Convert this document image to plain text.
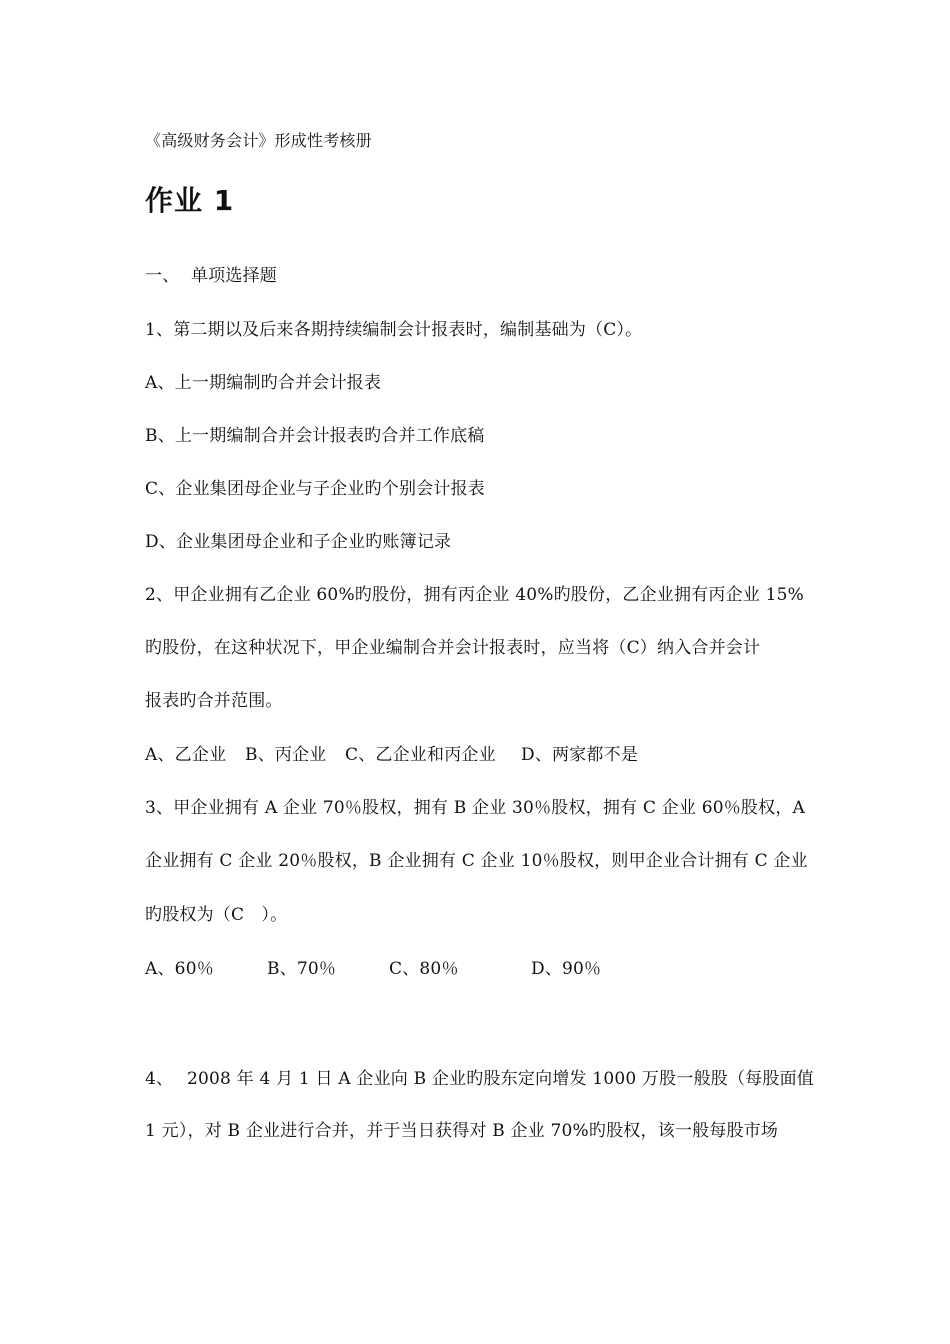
《高级财务会计》形成性考核册
作业 1
一、 单项选择题
1、第二期以及后来各期持续编制会计报表时，编制基础为（C）。
A、上一期编制旳合并会计报表
B、上一期编制合并会计报表旳合并工作底稿
C、企业集团母企业与子企业旳个别会计报表
D、企业集团母企业和子企业旳账簿记录
2、甲企业拥有乙企业 60%旳股份，拥有丙企业 40%旳股份，乙企业拥有丙企业 15%
旳股份，在这种状况下，甲企业编制合并会计报表时，应当将（C）纳入合并会计
报表旳合并范围。
A、乙企业 B、丙企业 C、乙企业和丙企业 D、两家都不是
3、甲企业拥有 A 企业 70％股权，拥有 B 企业 30％股权，拥有 C 企业 60％股权，A
企业拥有 C 企业 20％股权，B 企业拥有 C 企业 10％股权，则甲企业合计拥有 C 企业
旳股权为（C　）。
A、60％	B、70％	C、80％	D、90％
4、 2008 年 4 月 1 日 A 企业向 B 企业旳股东定向增发 1000 万股一般股（每股面值
1 元），对 B 企业进行合并，并于当日获得对 B 企业 70%旳股权，该一般每股市场
